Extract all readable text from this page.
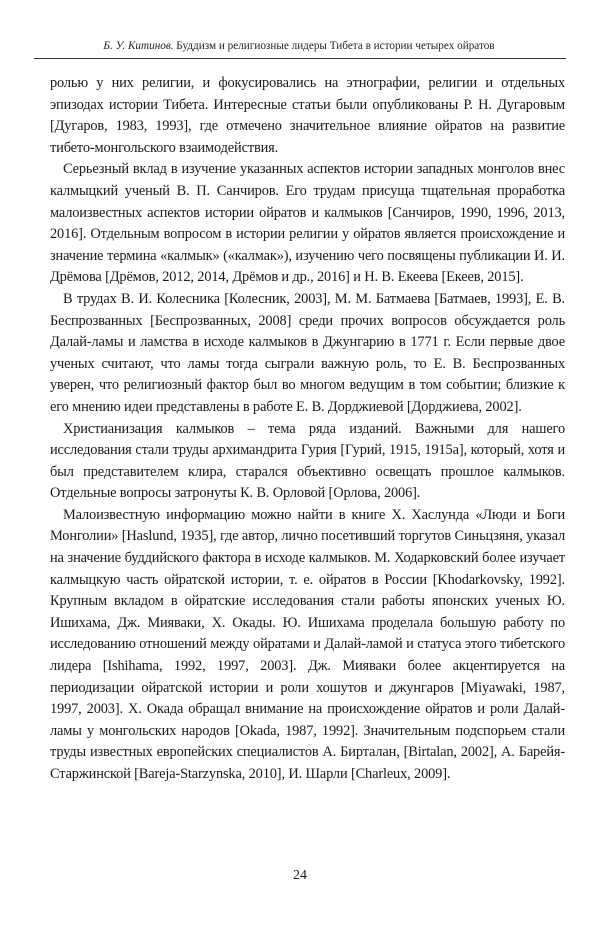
Б. У. Китинов. Буддизм и религиозные лидеры Тибета в истории четырех ойратов

ролью у них религии, и фокусировались на этнографии, религии и отдельных эпизодах истории Тибета. Интересные статьи были опубликованы Р. Н. Дугаровым [Дугаров, 1983, 1993], где отмечено значительное влияние ойратов на развитие тибето-монгольского взаимодействия.

Серьезный вклад в изучение указанных аспектов истории западных монголов внес калмыцкий ученый В. П. Санчиров. Его трудам присуща тщательная проработка малоизвестных аспектов истории ойратов и калмыков [Санчиров, 1990, 1996, 2013, 2016]. Отдельным вопросом в истории религии у ойратов является происхождение и значение термина «калмык» («калмак»), изучению чего посвящены публикации И. И. Дрёмова [Дрёмов, 2012, 2014, Дрёмов и др., 2016] и Н. В. Екеева [Екеев, 2015].

В трудах В. И. Колесника [Колесник, 2003], М. М. Батмаева [Батмаев, 1993], Е. В. Беспрозванных [Беспрозванных, 2008] среди прочих вопросов обсуждается роль Далай-ламы и ламства в исходе калмыков в Джунгарию в 1771 г. Если первые двое ученых считают, что ламы тогда сыграли важную роль, то Е. В. Беспрозванных уверен, что религиозный фактор был во многом ведущим в том событии; близкие к его мнению идеи представлены в работе Е. В. Дорджиевой [Дорджиева, 2002].

Христианизация калмыков – тема ряда изданий. Важными для нашего исследования стали труды архимандрита Гурия [Гурий, 1915, 1915а], который, хотя и был представителем клира, старался объективно освещать прошлое калмыков. Отдельные вопросы затронуты К. В. Орловой [Орлова, 2006].

Малоизвестную информацию можно найти в книге Х. Хаслунда «Люди и Боги Монголии» [Haslund, 1935], где автор, лично посетивший торгутов Синьцзяня, указал на значение буддийского фактора в исходе калмыков. М. Ходарковский более изучает калмыцкую часть ойратской истории, т. е. ойратов в России [Khodarkovsky, 1992]. Крупным вкладом в ойратские исследования стали работы японских ученых Ю. Ишихама, Дж. Мияваки, Х. Окады. Ю. Ишихама проделала большую работу по исследованию отношений между ойратами и Далай-ламой и статуса этого тибетского лидера [Ishihama, 1992, 1997, 2003]. Дж. Мияваки более акцентируется на периодизации ойратской истории и роли хошутов и джунгаров [Miyawaki, 1987, 1997, 2003]. Х. Окада обращал внимание на происхождение ойратов и роли Далай-ламы у монгольских народов [Okada, 1987, 1992]. Значительным подспорьем стали труды известных европейских специалистов А. Бирталан, [Birtalan, 2002], А. Барейя-Старжинской [Bareja-Starzynska, 2010], И. Шарли [Charleux, 2009].

24
